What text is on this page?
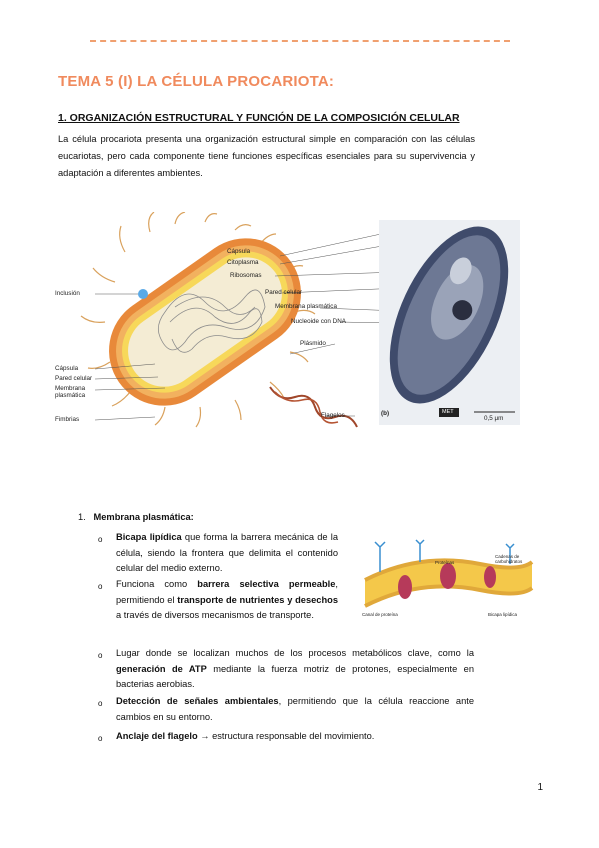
TEMA 5 (I) LA CÉLULA PROCARIOTA:
1. ORGANIZACIÓN ESTRUCTURAL Y FUNCIÓN DE LA COMPOSICIÓN CELULAR
La célula procariota presenta una organización estructural simple en comparación con las células eucariotas, pero cada componente tiene funciones específicas esenciales para su supervivencia y adaptación a diferentes ambientes.
Cápsula
Citoplasma
Ribosomas
Pared celular
Membrana plasmática
Nucleoide con DNA
Plásmido
Flagelos
Inclusión
Cápsula
Pared celular
Membrana plasmática
Fimbrias
(b)	MET
0,5 μm
1. Membrana plasmática:
o Bicapa lipídica que forma la barrera mecánica de la célula, siendo la frontera que delimita el contenido celular del medio externo.
o Funciona como barrera selectiva permeable, permitiendo el transporte de nutrientes y desechos a través de diversos mecanismos de transporte.
o Lugar donde se localizan muchos de los procesos metabólicos clave, como la generación de ATP mediante la fuerza motriz de protones, especialmente en bacterias aerobias.
o Detección de señales ambientales, permitiendo que la célula reaccione ante cambios en su entorno.
o Anclaje del flagelo → estructura responsable del movimiento.
Proteínas
Cadenas de carbohidratos
Canal de proteína	Bicapa lipídica
1
